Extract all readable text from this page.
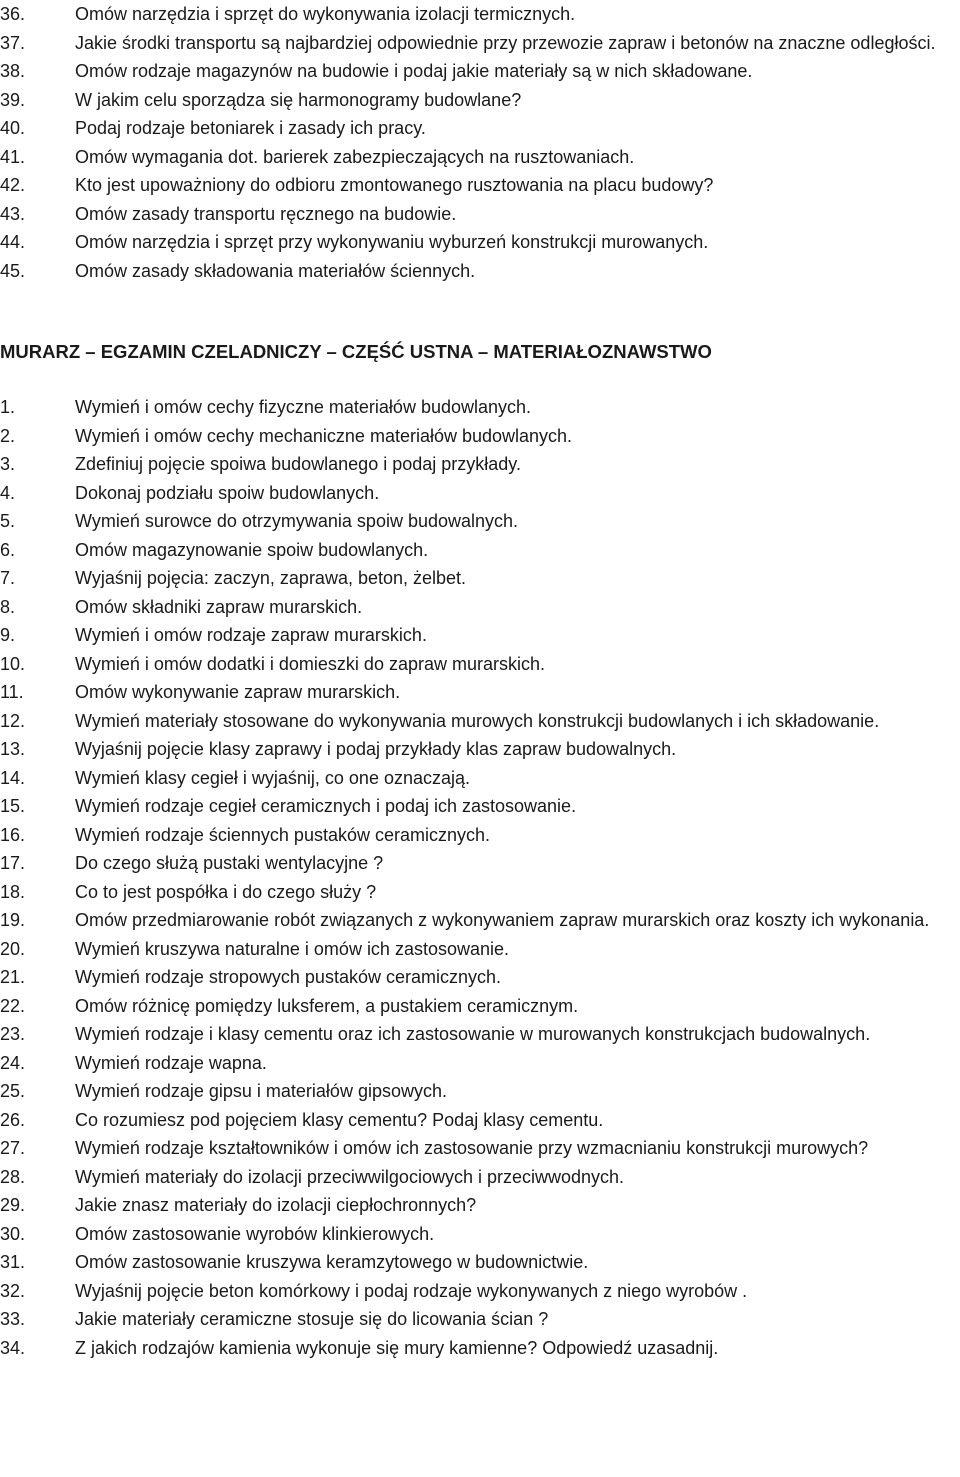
36.	Omów narzędzia i sprzęt do wykonywania izolacji termicznych.
37.	Jakie środki transportu są najbardziej odpowiednie przy przewozie zapraw i betonów na znaczne odległości.
38.	Omów rodzaje magazynów na budowie i podaj jakie materiały są w nich składowane.
39.	W jakim celu sporządza się harmonogramy budowlane?
40.	Podaj rodzaje betoniarek i zasady ich pracy.
41.	Omów wymagania dot. barierek zabezpieczających na rusztowaniach.
42.	Kto jest upoważniony do odbioru zmontowanego rusztowania na placu budowy?
43.	Omów zasady transportu ręcznego na budowie.
44.	Omów narzędzia i sprzęt przy wykonywaniu wyburzeń konstrukcji murowanych.
45.	Omów zasady składowania materiałów ściennych.
MURARZ – EGZAMIN CZELADNICZY – CZĘŚĆ USTNA – MATERIAŁOZNAWSTWO
1.	Wymień i omów cechy fizyczne materiałów budowlanych.
2.	Wymień i omów cechy mechaniczne materiałów budowlanych.
3.	Zdefiniuj pojęcie spoiwa budowlanego i podaj przykłady.
4.	Dokonaj podziału spoiw budowlanych.
5.	Wymień surowce do otrzymywania spoiw budowalnych.
6.	Omów magazynowanie spoiw budowlanych.
7.	Wyjaśnij pojęcia: zaczyn, zaprawa, beton, żelbet.
8.	Omów składniki zapraw murarskich.
9.	Wymień i omów rodzaje zapraw murarskich.
10.	Wymień i omów dodatki i domieszki do zapraw murarskich.
11.	Omów wykonywanie zapraw murarskich.
12.	Wymień materiały stosowane do wykonywania murowych konstrukcji budowlanych i ich składowanie.
13.	Wyjaśnij pojęcie klasy zaprawy i podaj przykłady klas zapraw budowalnych.
14.	Wymień klasy cegieł i wyjaśnij, co one oznaczają.
15.	Wymień rodzaje cegieł ceramicznych i podaj ich zastosowanie.
16.	Wymień rodzaje ściennych pustaków ceramicznych.
17.	Do czego służą pustaki wentylacyjne ?
18.	Co to jest pospółka i do czego służy ?
19.	Omów przedmiarowanie robót związanych z wykonywaniem zapraw murarskich oraz koszty ich wykonania.
20.	Wymień kruszywa naturalne i omów ich zastosowanie.
21.	Wymień rodzaje stropowych pustaków ceramicznych.
22.	Omów różnicę pomiędzy luksferem, a pustakiem ceramicznym.
23.	Wymień rodzaje i klasy cementu oraz ich zastosowanie w murowanych konstrukcjach budowalnych.
24.	Wymień rodzaje wapna.
25.	Wymień rodzaje gipsu i materiałów gipsowych.
26.	Co rozumiesz pod pojęciem klasy cementu? Podaj klasy cementu.
27.	Wymień rodzaje kształtowników i omów ich zastosowanie przy wzmacnianiu konstrukcji murowych?
28.	Wymień materiały do izolacji przeciwwilgociowych i przeciwwodnych.
29.	Jakie znasz materiały do izolacji ciepłochronnych?
30.	Omów zastosowanie wyrobów klinkierowych.
31.	Omów zastosowanie kruszywa keramzytowego w budownictwie.
32.	Wyjaśnij pojęcie beton komórkowy i podaj rodzaje wykonywanych z niego wyrobów .
33.	Jakie materiały ceramiczne stosuje się do licowania ścian ?
34.	Z jakich rodzajów kamienia wykonuje się mury kamienne? Odpowiedź uzasadnij.
